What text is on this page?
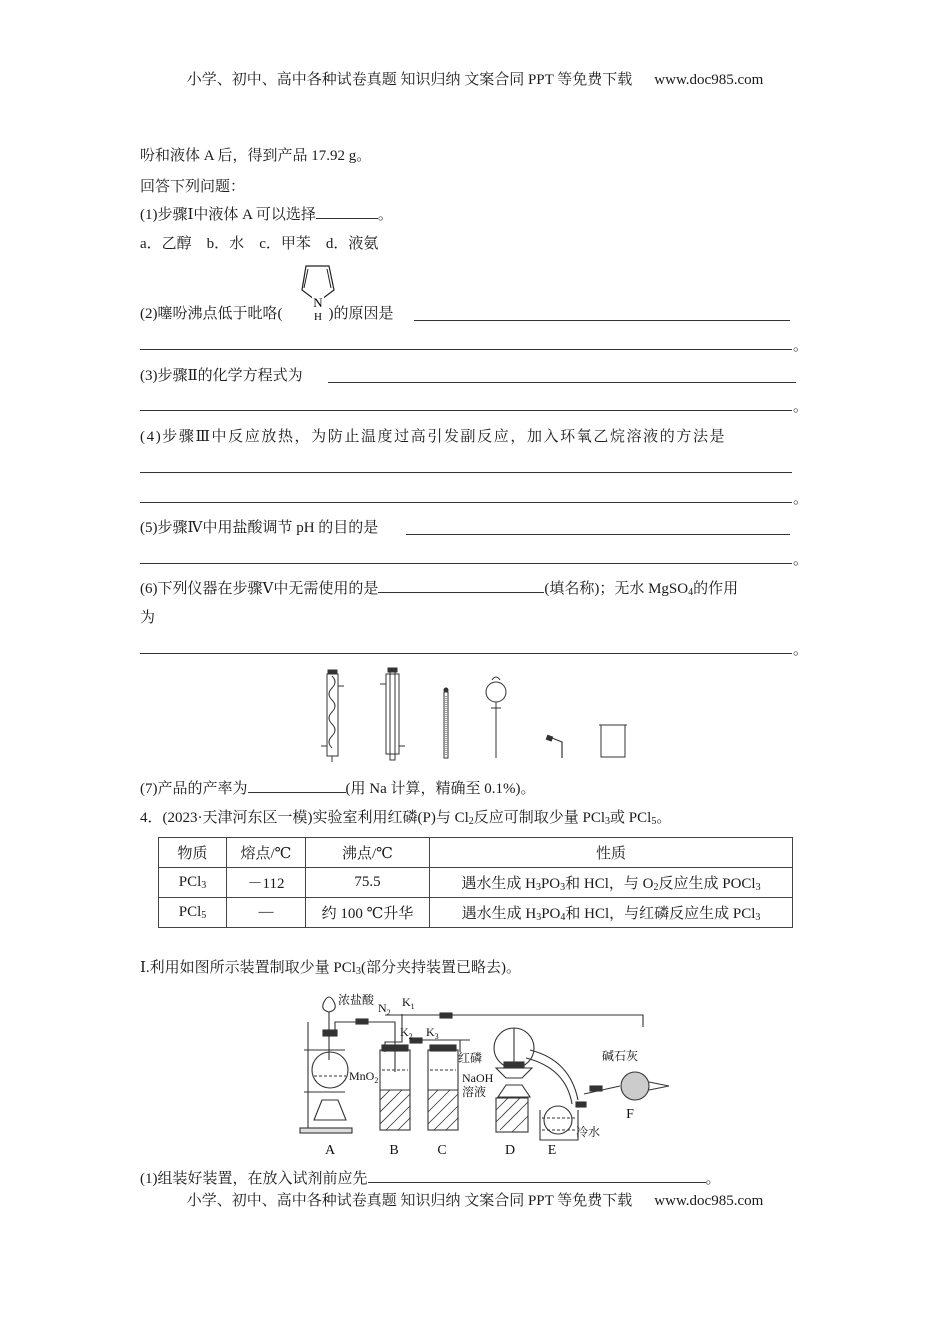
小学、初中、高中各种试卷真题 知识归纳 文案合同 PPT 等免费下载 www.doc985.com
吩和液体 A 后，得到产品 17.92 g。
回答下列问题：
(1)步骤Ⅰ中液体 A 可以选择	。
a．乙醇 b．水 c．甲苯 d．液氨
(2)噻吩沸点低于吡咯(	)的原因是
N
H
。
(3)步骤Ⅱ的化学方程式为
。
(4)步骤Ⅲ中反应放热，为防止温度过高引发副反应，加入环氧乙烷溶液的方法是
。
(5)步骤Ⅳ中用盐酸调节 pH 的目的是
。
(6)下列仪器在步骤Ⅴ中无需使用的是	(填名称)；无水 MgSO$_4$的作用
为
。
(7)产品的产率为	(用 Na 计算，精确至 0.1%)。
4．(2023·天津河东区一模)实验室利用红磷(P)与 $Cl_2$反应可制取少量 PCl$_3$或 PCl$_5$。
物质	熔点/℃	沸点/℃	性质
PCl$_3$	－112	75.5	遇水生成 $H_3PO_3$和 HCl，与 $O_2$反应生成 POCl$_3$
PCl$_5$	—	约 100 ℃升华	遇水生成 $H_3PO_4$和 HCl，与红磷反应生成 PCl$_3$
Ⅰ.利用如图所示装置制取少量 PCl$_3$(部分夹持装置已略去)。
浓盐酸
$N_2$
$K_1$
$K_2$ $K_3$
MnO$_2$
红磷
NaOH
溶液
碱石灰
冷水
A	B	C	D E
F
(1)组装好装置，在放入试剂前应先	。
小学、初中、高中各种试卷真题 知识归纳 文案合同 PPT 等免费下载 www.doc985.com
